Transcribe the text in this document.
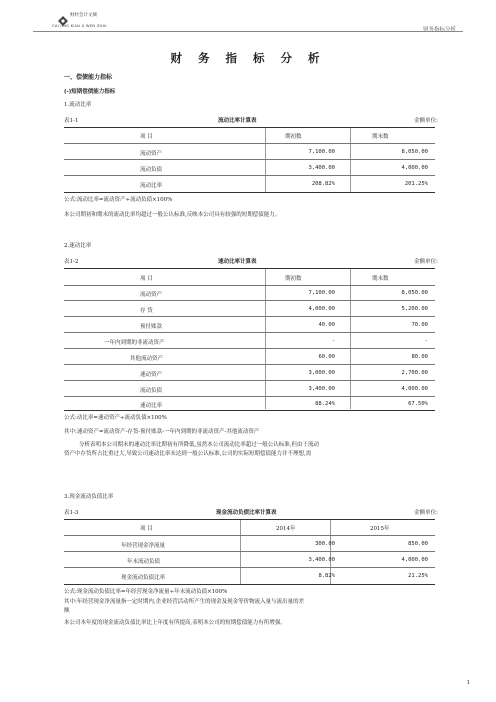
财经会计文摘
CAI JING KUAI JI WEN ZHAI
财务指标分析
财 务 指 标 分 析
一、偿债能力指标
(-)短期偿债能力指标
1.流动比率
表1-1	流动比率计算表	金额单位:
项 目	期初数	期末数
流动资产	7,100.00	8,050.00
流动负债	3,400.00	4,000.00
流动比率	208.82%	201.25%
公式:流动比率=流动资产÷流动负债×100%
本公司期初和期末的流动比率均超过一般公认标准,反映本公司具有较强的短期偿债能力。
2.速动比率
表1-2	速动比率计算表	金额单位:
项 目	期初数	期末数
流动资产	7,100.00	8,050.00
存 货	4,000.00	5,200.00
预付账款	40.00	70.00
一年内到期的非流动资产	-	-
其他流动资产	60.00	80.00
速动资产	3,000.00	2,700.00
流动负债	3,400.00	4,000.00
速动比率	88.24%	67.50%
公式:动比率=速动资产÷流动负债×100%
其中:速动资产=流动资产-存货-预付账款-一年内到期的非流动资产-其他流动资产
分析表明本公司期末的速动比率比期初有所降低,虽然本公司流动比率超过一般公认标准,但由于流动
资产中存货所占比重过大,导致公司速动比率未达到一般公认标准,公司的实际短期偿债能力并不理想,需
3.现金流动负债比率
表1-3	现金流动负债比率计算表	金额单位:
项 目	2014年	2015年
年经营现金净流量	300.00	850.00
年末流动负债	3,400.00	4,000.00
现金流动负债比率	8.82%	21.25%
公式:现金流动负债比率=年经营现金净流量÷年末流动负债×100%
其中:年经营现金净流量指一定时期内,企业经营活动所产生的现金及现金等价物流入量与流出量的差
额
本公司本年度的现金流动负债比率比上年度有所提高,表明本公司的短期偿债能力有所增强。
1
